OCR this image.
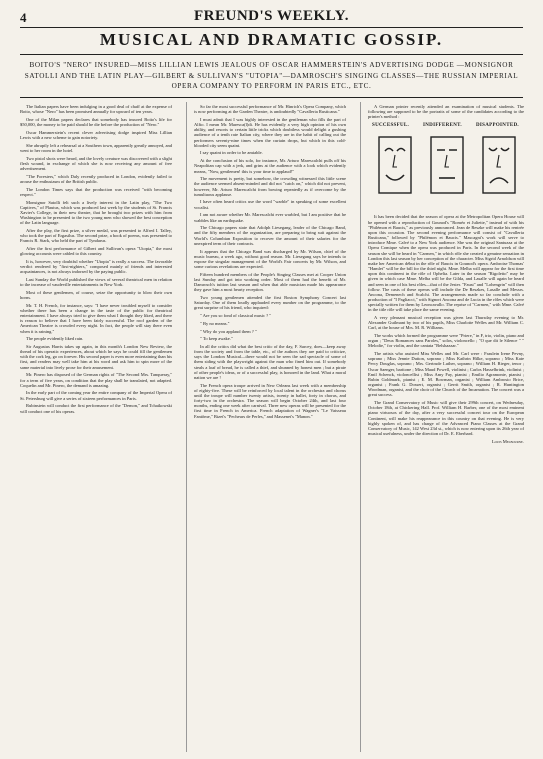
4	FREUND'S WEEKLY.
MUSICAL AND DRAMATIC GOSSIP.
BOITO'S "NERO" INSURED—MISS LILLIAN LEWIS JEALOUS OF OSCAR HAMMERSTEIN'S ADVERTISING DODGE —MONSIGNOR SATOLLI AND THE LATIN PLAY—GILBERT & SULLIVAN'S "UTOPIA"—DAMROSCH'S SINGING CLASSES—THE RUSSIAN IMPERIAL OPERA COMPANY TO PERFORM IN PARIS ETC., ETC.

The Italian papers have been indulging in a good deal of chaff at the expense of Boito, whose "Nero" has been promised annually for upward of ten years.

One of the Milan papers declares that somebody has insured Boito's life for $50,000, the money to be paid should he die before the production of "Nero."

Oscar Hammerstein's recent clever advertising dodge inspired Miss Lillian Lewis with a new scheme to gain notoriety.

She abruptly left a rehearsal at a Southern town, apparently greatly annoyed, and went to her room in the hotel.

Two pistol shots were heard, and the lovely creature was discovered with a slight flesh wound, in exchange of which she is now receiving any amount of free advertisement.

"The Foresters," which Daly recently produced in London, evidently failed to arouse the enthusiasm of the British public.

The London Times says that the production was received "with becoming respect."

Monsignor Satolli felt such a lively interest in the Latin play, "The Two Captives," of Plautus, which was produced last week by the students of St. Francis Xavier's College, in their new theatre, that he brought two prizes with him from Washington to be presented to the two young men who showed the best conception of the Latin language.

After the play, the first prize, a silver medal, was presented to Alfred I. Talley, who took the part of Ergasilus. The second prize, a book of poems, was presented to Francis R. Stark, who held the part of Tyndarus.

After the first performance of Gilbert and Sullivan's opera "Utopia," the most glowing accounts were cabled to this country.

It is, however, very doubtful whether "Utopia" is really a success. The favorable verdict rendered by "first-nighters," composed mainly of friends and interested acquaintances, is not always indorsed by the paying public.

Last Sunday the World published the views of several theatrical men in relation to the increase of vaudeville entertainments in New York.

Most of these gentlemen, of course, seize the opportunity to blow their own horns.

Mr. T. H. French, for instance, says: "I have never troubled myself to consider whether there has been a change in the taste of the public for theatrical entertainment. I have always tried to give them what I thought they liked, and there is reason to believe that I have been fairly successful. The roof garden of the American Theatre is crowded every night. In fact, the people will stay there even when it is raining."

The people evidently liked rain.

Sir Augustus Harris takes up again, in this month's London New Review, the thread of his operatic experiences, about which he says he could fill the gentlemen with the cork leg, go on forever. His second paper is even more entertaining than his first, and readers may well take him at his word and ask him to spin more of the same material into lively prose for their amusement.

Mr. Pinero has disposed of the German rights of "The Second Mrs. Tanqueray," for a term of five years, on condition that the play shall be translated, not adapted. Coquelin and Mr. Pinero, the demand is amazing.

In the early part of the coming year the entire company of the Imperial Opera of St. Petersburg will give a series of sixteen performances in Paris.

Rubinstein will conduct the first performance of the "Demon," and Tchaikowski will conduct one of his operas.

So far the most successful performance of Mr. Hinrich's Opera Company, which is now performing at the Garden Theatre, is undoubtedly "Cavalleria Rusticana."

I must admit that I was highly interested in the gentleman who fills the part of Alfio. I mean Mr. Maresca(l)di. He has evidently a very high opinion of his own ability, and resorts to certain little tricks which doubtless would delight a gushing audience of a tenth rate Italian city, where they are in the habit of calling out the performers seventy-nine times when the curtain drops, but which in this cold-blooded city seem quaint.

I say quaint in order to be amiable.

At the conclusion of his solo, for instance, Mr. Arturo Marescalchi pulls off his Neapolitan cap with a jerk, and grins at the audience with a look which evidently means, "Now, gentlemen! this is your time to applaud!"

The movement is pretty, but somehow, the crowding witnessed this little scene the audience seemed absent-minded and did not "catch on," which did not prevent, however, Mr. Arturo Marescalchi from bowing repeatedly as if overcome by the tumultuous applause.

I have often heard critics use the word "warble" in speaking of some excellent vocalist.

I am not aware whether Mr. Marescalchi ever warbled, but I am positive that he wabbles like an earthquake.

The Chicago papers state that Adolph Liesegang, leader of the Chicago Band, and the fifty members of the organization, are preparing to bring suit against the World's Columbian Exposition to recover the amount of their salaries for the unexpired term of their contracts.

It appears that the Chicago Band was discharged by Mr. Wilson, chief of the music bureau, a week ago, without good reason. Mr. Liesegang says he intends to expose the singular management of the World's Fair concerts by Mr. Wilson, and some curious revelations are expected.

Fifteen hundred members of the People's Singing Classes met at Cooper Union last Sunday and got into working order. Most of them had the benefit of Mr. Damrosch's tuition last season and when that able musician made his appearance they gave him a most hearty reception.

Two young gentlemen attended the first Boston Symphony Concert last Saturday. One of them loudly applauded every number on the programme, to the great surprise of his friend, who inquired:

" Are you so fond of classical music ? "

" By no means."

" Why do you applaud them ? "

" To keep awake."

In all the critics did what the best critic of the day, F. Sarcey, does—keep away from the society and from the table, etc., of the authors they are paid to criticize, says the London Musical—there would not be seen the sad spectacle of some of them siding with the playwright against the man who fined him out. If somebody steals a loaf of bread, he is called a thief, and shunned by honest men ; but a pirate of other people's ideas, or of a successful play, is honored in the land. What a moral nation we are !

The French opera troupe arrived in New Orleans last week with a membership of eighty-five. These will be reinforced by local talent in the orchestra and chorus until the troupe will number twenty artists, twenty in ballet, forty in chorus, and forty-two in the orchestra. The season will begin October 24th, and last four months, ending one week after carnival. Three new operas will be presented for the first time in French in America. French adaptation of Wagner's "Le Vaisseau Fantôme," Bizet's "Pecheurs de Perles," and Massenet's "Manon."

A German printer recently attended an examination of musical students. The following are supposed to be the portraits of some of the candidates according to the printer's method :

SUCCESSFUL.	INDIFFERENT.	DISAPPOINTED.

It has been decided that the season of opera at the Metropolitan Opera House will be opened with a reproduction of Gounod's "Roméo et Juliette," instead of with his "Philémon et Baucis," as previously announced. Jean de Reszke will make his rentrée upon this occasion. The second evening performance will consist of "Cavalleria Rusticana," followed by "Philémon et Baucis." Mascagni's work will serve to introduce Mme. Calvé to a New York audience. She was the original Santuzza at the Opera Comique when the opera was produced in Paris. In the second week of the season she will be heard in "Carmen," in which rôle she created a genuine sensation in London this last season by her conception of the character. Miss Sigrid Arnoldson will make her American début in the rôle of Baucis in Gounod's opera. Ambroise Thomas' "Hamlet" will be the bill for the third night. Mme. Melba will appear for the first time upon this continent in the rôle of Ophelia. Later in the season "Rigoletto" may be given in which case Mme. Melba will be the Gilda, and Lasalle will again be heard and seen in one of his best rôles—that of the Jester. "Faust" and "Lohengrin" will then follow. The casts of these operas will include the De Reszkes, Lasalle and Messrs. Ancona, Demenech and Scalchi. The arrangements made so far conclude with a production of "I Pagliacci," with Signori Ancona and de Lucia in the rôles which were specially written for them by Leoncavallo. The reprise of "Carmen," with Mme. Calvé in the title rôle will take place the same evening.

A very pleasant musical reception was given last Thursday evening to Mr. Alexander Guilmant by two of his pupils, Miss Charlotte Welles and Mr. William C. Carl, at the house of Mrs. M. R. Williams.

The works which formed the programme were "Priere," in F, trio, violin, piano and organ ; "Deux Romances sans Paroles," solos, violoncello ; "O que dit le Silence " " Melodie," for violin, and the cantata "Belshazzar."

The artists who assisted Miss Welles and Mr. Carl were : Fraulein Irene Pevny, soprano ; Miss Jennie Dutton, soprano ; Miss Kathrin Hilke, soprano ; Miss Kate Percy Douglas, soprano ; Mrs. Gertrude Luther, soprano ; William H. Rieger, tenor ; Oscar Saenger, baritone ; Miss Maud Powell, violinist ; Carlos Hasselbrink, violinist ; Emil Schenck, violoncellist ; Miss Amy Fay, pianist ; Emilio Agramonte, pianist ; Rubin Goldmark, pianist ; E. M. Bowman, organist ; William Ambrosio Brice, organist ; Frank G. Dossert, organist ; Gerrit Smith, organist ; R. Huntington Woodman, organist, and the choir of the Church of the Incarnation. The concert was a great success.

The Grand Conservatory of Music will give their 299th concert, on Wednesday, October 18th, at Chickering Hall. Prof. William H. Barber, one of the most eminent piano virtuosos of the day, after a very successful concert tour on the European Continent, will make his reappearance in this country on that evening. He is very highly spoken of, and has charge of the Advanced Piano Classes at the Grand Conservatory of Music, 142 West 23d st., which is now entering upon its 26th year of musical usefulness, under the direction of Dr. E. Eberhard.

Louis Melbourne.
